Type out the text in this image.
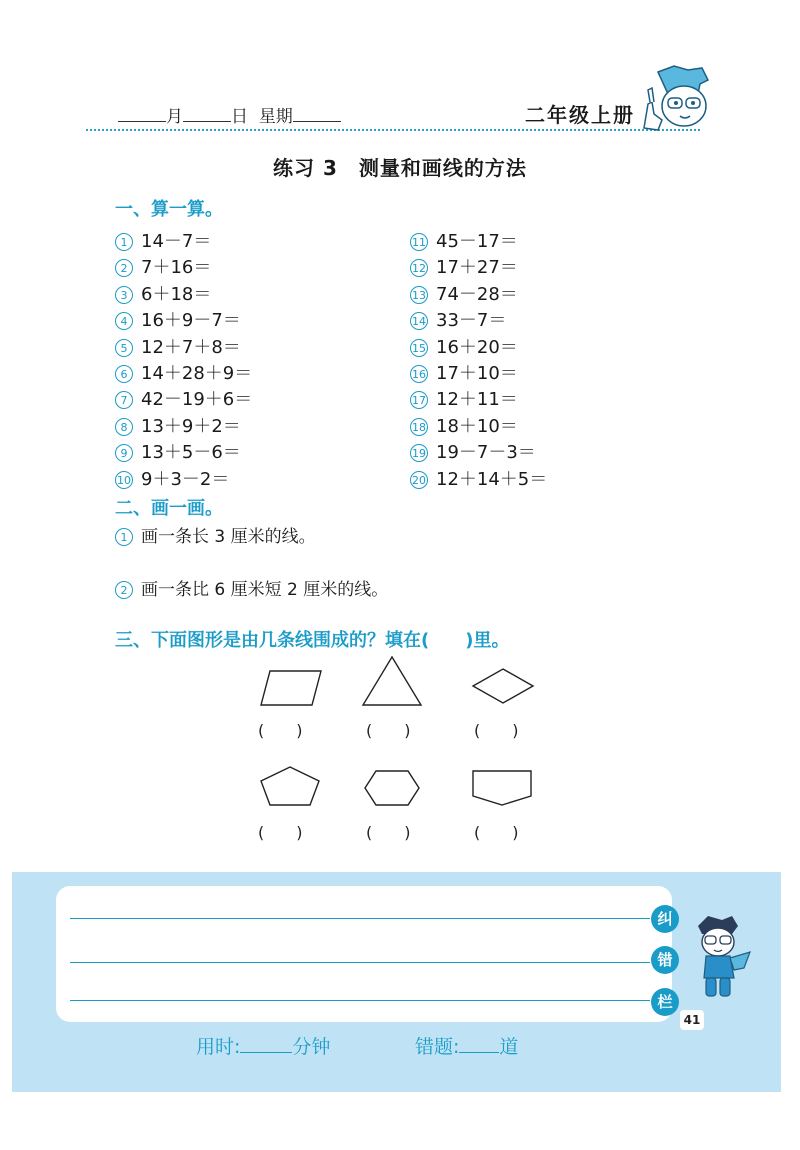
月	日 星期	二年级上册
练习 3　测量和画线的方法
一、算一算。
1 14－7＝
2 7＋16＝
3 6＋18＝
4 16＋9－7＝
5 12＋7＋8＝
6 14＋28＋9＝
7 42－19＋6＝
8 13＋9＋2＝
9 13＋5－6＝
10 9＋3－2＝
11 45－17＝
12 17＋27＝
13 74－28＝
14 33－7＝
15 16＋20＝
16 17＋10＝
17 12＋11＝
18 18＋10＝
19 19－7－3＝
20 12＋14＋5＝
二、画一画。
1 画一条长 3 厘米的线。
2 画一条比 6 厘米短 2 厘米的线。
三、下面图形是由几条线围成的？填在(　　)里。
(　　)	(　　)	(　　)
(　　)	(　　)	(　　)
纠
错
栏
41
用时:	分钟	错题: 道
